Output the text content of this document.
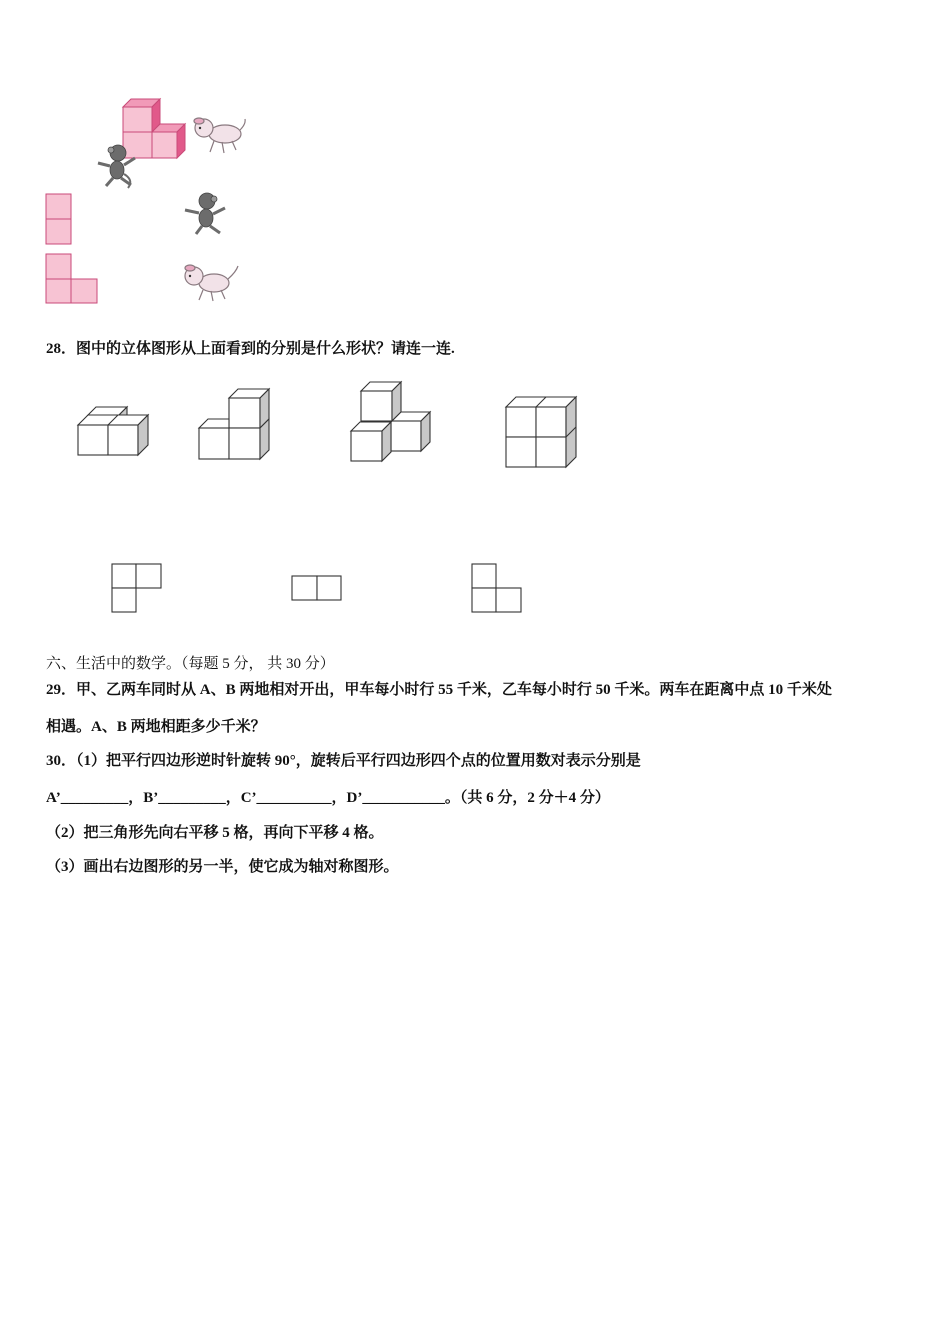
28．图中的立体图形从上面看到的分别是什么形状？请连一连.
六、生活中的数学。（每题 5 分， 共 30 分）
29．甲、乙两车同时从 A、B 两地相对开出，甲车每小时行 55 千米，乙车每小时行 50 千米。两车在距离中点 10 千米处
相遇。A、B 两地相距多少千米？
30．（1）把平行四边形逆时针旋转 90°，旋转后平行四边形四个点的位置用数对表示分别是
A’_________，B’_________，C’__________，D’___________。（共 6 分，2 分＋4 分）
（2）把三角形先向右平移 5 格，再向下平移 4 格。
（3）画出右边图形的另一半，使它成为轴对称图形。
